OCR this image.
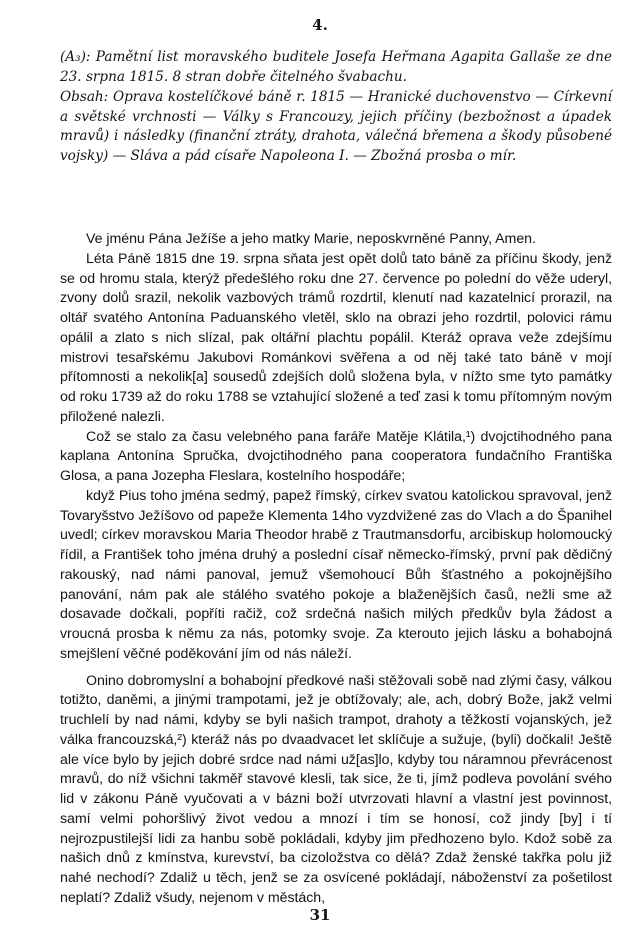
4.

(A₃): Pamětní list moravského buditele Josefa Heřmana Agapita Gallaše ze dne 23. srpna 1815. 8 stran dobře čitelného švabachu.

Obsah: Oprava kostelíčkové báně r. 1815 — Hranické duchovenstvo — Církevní a světské vrchnosti — Války s Francouzy, jejich příčiny (bezbožnost a úpadek mravů) i následky (finanční ztráty, drahota, válečná břemena a škody působené vojsky) — Sláva a pád císaře Napoleona I. — Zbožná prosba o mír.

Ve jménu Pána Ježíše a jeho matky Marie, neposkvrněné Panny, Amen.

Léta Páně 1815 dne 19. srpna sňata jest opět dolů tato báně za příčinu škody, jenž se od hromu stala, kterýž předešlého roku dne 27. července po polední do věže uderyl, zvony dolů srazil, nekolik vazbových trámů rozdrtil, klenutí nad kazatelnicí prorazil, na oltář svatého Antonína Paduanského vletěl, sklo na obrazi jeho rozdrtil, polovici rámu opálil a zlato s nich slízal, pak oltářní plachtu popálil. Kteráž oprava veže zdejšímu mistrovi tesařskému Jakubovi Románkovi svěřena a od něj také tato báně v mojí přítomnosti a nekolik[a] sousedů zdejších dolů složena byla, v nížto sme tyto památky od roku 1739 až do roku 1788 se vztahující složené a teď zasi k tomu přítomným novým přiložené nalezli.

Což se stalo za času velebného pana faráře Matěje Klátila,¹) dvojctihodného pana kaplana Antonína Spručka, dvojctihodného pana cooperatora fundačního Františka Glosa, a pana Jozepha Fleslara, kostelního hospodáře;

když Pius toho jména sedmý, papež římský, církev svatou katolickou spravoval, jenž Tovaryšstvo Ježíšovo od papeže Klementa 14ho vyzdvižené zas do Vlach a do Španihel uvedl; církev moravskou Maria Theodor hrabě z Trautmansdorfu, arcibiskup holomoucký řídil, a František toho jména druhý a poslední císař německo-římský, první pak dědičný rakouský, nad námi panoval, jemuž všemohoucí Bůh šťastného a pokojnějšího panování, nám pak ale stálého svatého pokoje a blaženějších časů, nežli sme až dosavade dočkali, popříti račiž, což srdečná našich milých předkův byla žádost a vroucná prosba k němu za nás, potomky svoje. Za kterouto jejich lásku a bohabojná smejšlení věčné poděkování jím od nás náleží.

Onino dobromyslní a bohabojní předkové naši stěžovali sobě nad zlými časy, válkou totižto, daněmi, a jinými trampotami, jež je obtížovaly; ale, ach, dobrý Bože, jakž velmi truchlelí by nad námi, kdyby se byli našich trampot, drahoty a těžkostí vojanských, jež válka francouzská,²) kteráž nás po dvaadvacet let sklíčuje a sužuje, (byli) dočkali! Ještě ale více bylo by jejich dobré srdce nad námi už[as]lo, kdyby tou náramnou převrácenost mravů, do níž všichni takměř stavové klesli, tak sice, že ti, jímž podleva povolání svého lid v zákonu Páně vyučovati a v bázni boží utvrzovati hlavní a vlastní jest povinnost, samí velmi pohoršlivý život vedou a mnozí i tím se honosí, což jindy [by] i tí nejrozpustilejší lidi za hanbu sobě pokládali, kdyby jim předhozeno bylo. Kdož sobě za našich dnů z kmínstva, kurevství, ba cizoložstva co dělá? Zdaž ženské takřka polu již nahé nechodí? Zdaliž u těch, jenž se za osvícené pokládají, náboženství za pošetilost neplatí? Zdaliž všudy, nejenom v městách,

31
